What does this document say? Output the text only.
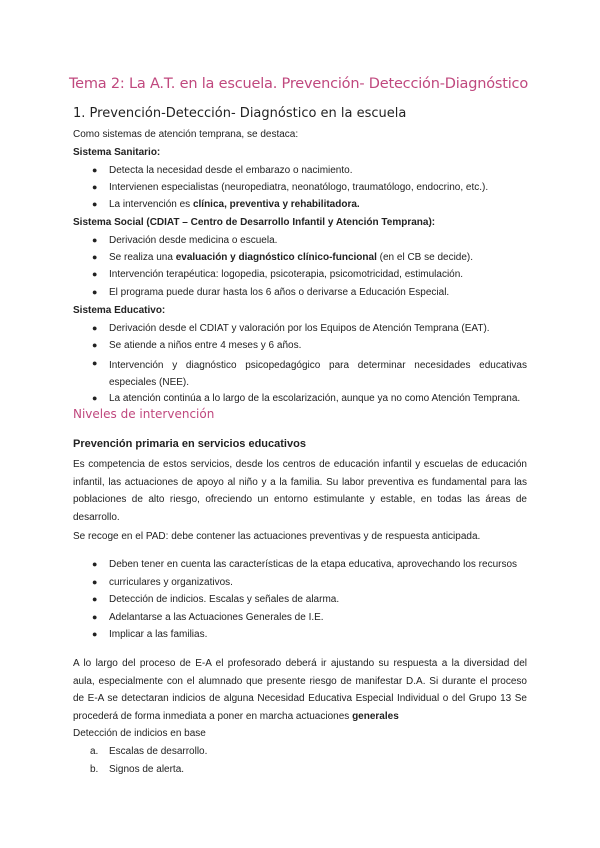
Tema 2: La A.T. en la escuela. Prevención- Detección-Diagnóstico
1. Prevención-Detección- Diagnóstico en la escuela
Como sistemas de atención temprana, se destaca:
Sistema Sanitario:
● Detecta la necesidad desde el embarazo o nacimiento.
● Intervienen especialistas (neuropediatra, neonatólogo, traumatólogo, endocrino, etc.).
● La intervención es clínica, preventiva y rehabilitadora.
Sistema Social (CDIAT – Centro de Desarrollo Infantil y Atención Temprana):
● Derivación desde medicina o escuela.
● Se realiza una evaluación y diagnóstico clínico-funcional (en el CB se decide).
● Intervención terapéutica: logopedia, psicoterapia, psicomotricidad, estimulación.
● El programa puede durar hasta los 6 años o derivarse a Educación Especial.
Sistema Educativo:
● Derivación desde el CDIAT y valoración por los Equipos de Atención Temprana (EAT).
● Se atiende a niños entre 4 meses y 6 años.
● Intervención y diagnóstico psicopedagógico para determinar necesidades educativas
especiales (NEE).
● La atención continúa a lo largo de la escolarización, aunque ya no como Atención Temprana.
Niveles de intervención
Prevención primaria en servicios educativos
Es competencia de estos servicios, desde los centros de educación infantil y escuelas de educación
infantil, las actuaciones de apoyo al niño y a la familia. Su labor preventiva es fundamental para las
poblaciones de alto riesgo, ofreciendo un entorno estimulante y estable, en todas las áreas de
desarrollo.
Se recoge en el PAD: debe contener las actuaciones preventivas y de respuesta anticipada.
● Deben tener en cuenta las características de la etapa educativa, aprovechando los recursos
● curriculares y organizativos.
● Detección de indicios. Escalas y señales de alarma.
● Adelantarse a las Actuaciones Generales de I.E.
● Implicar a las familias.
A lo largo del proceso de E-A el profesorado deberá ir ajustando su respuesta a la diversidad del
aula, especialmente con el alumnado que presente riesgo de manifestar D.A. Si durante el proceso
de E-A se detectaran indicios de alguna Necesidad Educativa Especial Individual o del Grupo 13 Se
procederá de forma inmediata a poner en marcha actuaciones generales
Detección de indicios en base
a. Escalas de desarrollo.
b. Signos de alerta.
